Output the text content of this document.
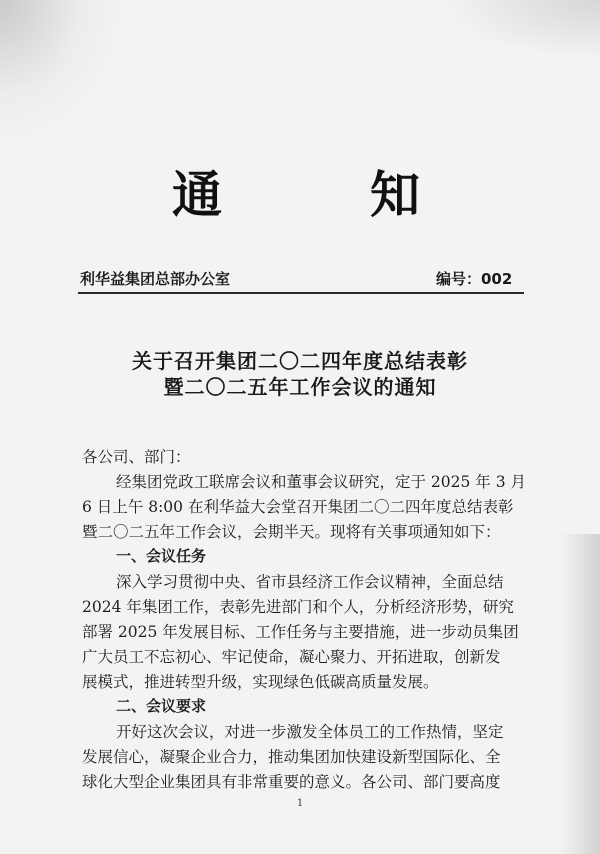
通	知
利华益集团总部办公室	编号：002
关于召开集团二〇二四年度总结表彰
暨二〇二五年工作会议的通知
各公司、部门：
经集团党政工联席会议和董事会议研究，定于 2025 年 3 月
6 日上午 8:00 在利华益大会堂召开集团二〇二四年度总结表彰
暨二〇二五年工作会议，会期半天。现将有关事项通知如下：
一、会议任务
深入学习贯彻中央、省市县经济工作会议精神，全面总结
2024 年集团工作，表彰先进部门和个人，分析经济形势，研究
部署 2025 年发展目标、工作任务与主要措施，进一步动员集团
广大员工不忘初心、牢记使命，凝心聚力、开拓进取，创新发
展模式，推进转型升级，实现绿色低碳高质量发展。
二、会议要求
开好这次会议，对进一步激发全体员工的工作热情，坚定
发展信心，凝聚企业合力，推动集团加快建设新型国际化、全
球化大型企业集团具有非常重要的意义。各公司、部门要高度
1
